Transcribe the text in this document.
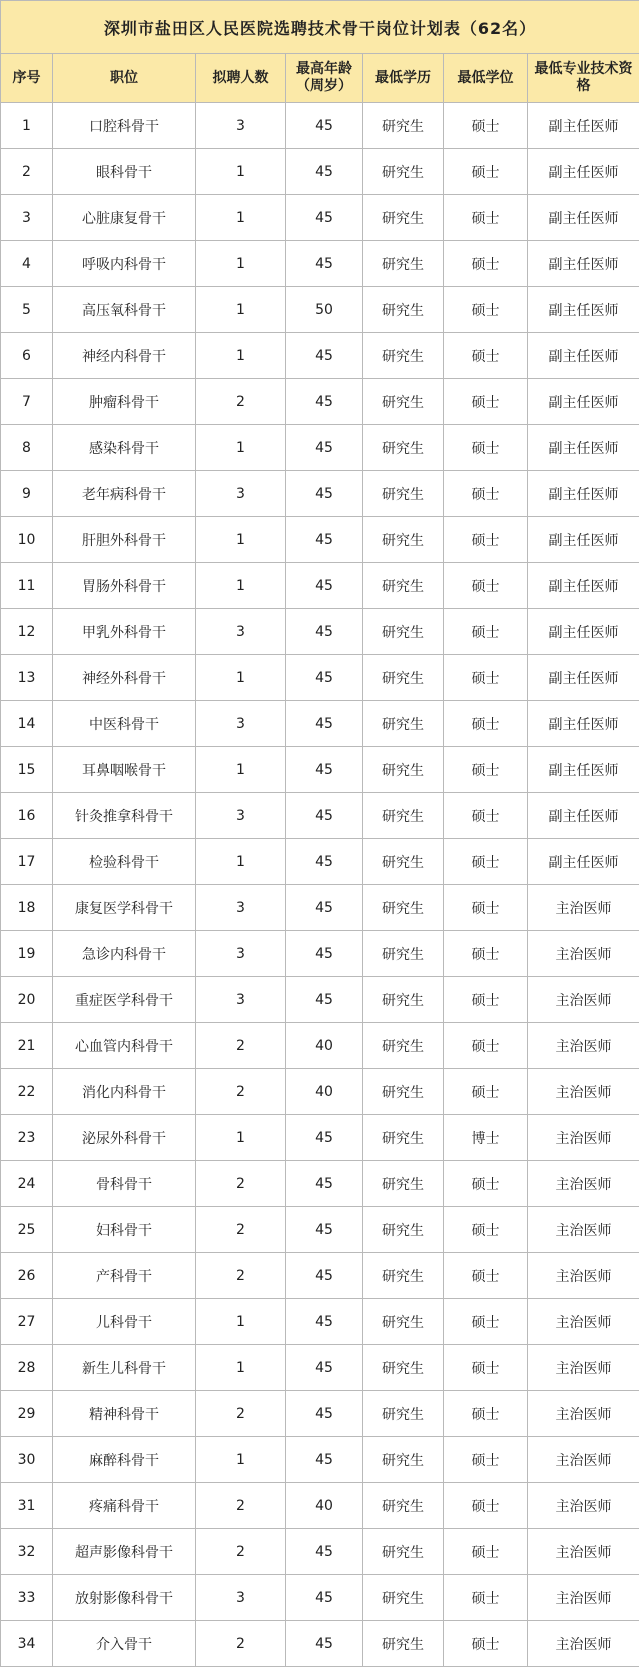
深圳市盐田区人民医院选聘技术骨干岗位计划表（62名）						
序号	职位	拟聘人数	最高年龄（周岁）	最低学历	最低学位	最低专业技术资格
1	口腔科骨干	3	45	研究生	硕士	副主任医师
2	眼科骨干	1	45	研究生	硕士	副主任医师
3	心脏康复骨干	1	45	研究生	硕士	副主任医师
4	呼吸内科骨干	1	45	研究生	硕士	副主任医师
5	高压氧科骨干	1	50	研究生	硕士	副主任医师
6	神经内科骨干	1	45	研究生	硕士	副主任医师
7	肿瘤科骨干	2	45	研究生	硕士	副主任医师
8	感染科骨干	1	45	研究生	硕士	副主任医师
9	老年病科骨干	3	45	研究生	硕士	副主任医师
10	肝胆外科骨干	1	45	研究生	硕士	副主任医师
11	胃肠外科骨干	1	45	研究生	硕士	副主任医师
12	甲乳外科骨干	3	45	研究生	硕士	副主任医师
13	神经外科骨干	1	45	研究生	硕士	副主任医师
14	中医科骨干	3	45	研究生	硕士	副主任医师
15	耳鼻咽喉骨干	1	45	研究生	硕士	副主任医师
16	针灸推拿科骨干	3	45	研究生	硕士	副主任医师
17	检验科骨干	1	45	研究生	硕士	副主任医师
18	康复医学科骨干	3	45	研究生	硕士	主治医师
19	急诊内科骨干	3	45	研究生	硕士	主治医师
20	重症医学科骨干	3	45	研究生	硕士	主治医师
21	心血管内科骨干	2	40	研究生	硕士	主治医师
22	消化内科骨干	2	40	研究生	硕士	主治医师
23	泌尿外科骨干	1	45	研究生	博士	主治医师
24	骨科骨干	2	45	研究生	硕士	主治医师
25	妇科骨干	2	45	研究生	硕士	主治医师
26	产科骨干	2	45	研究生	硕士	主治医师
27	儿科骨干	1	45	研究生	硕士	主治医师
28	新生儿科骨干	1	45	研究生	硕士	主治医师
29	精神科骨干	2	45	研究生	硕士	主治医师
30	麻醉科骨干	1	45	研究生	硕士	主治医师
31	疼痛科骨干	2	40	研究生	硕士	主治医师
32	超声影像科骨干	2	45	研究生	硕士	主治医师
33	放射影像科骨干	3	45	研究生	硕士	主治医师
34	介入骨干	2	45	研究生	硕士	主治医师
